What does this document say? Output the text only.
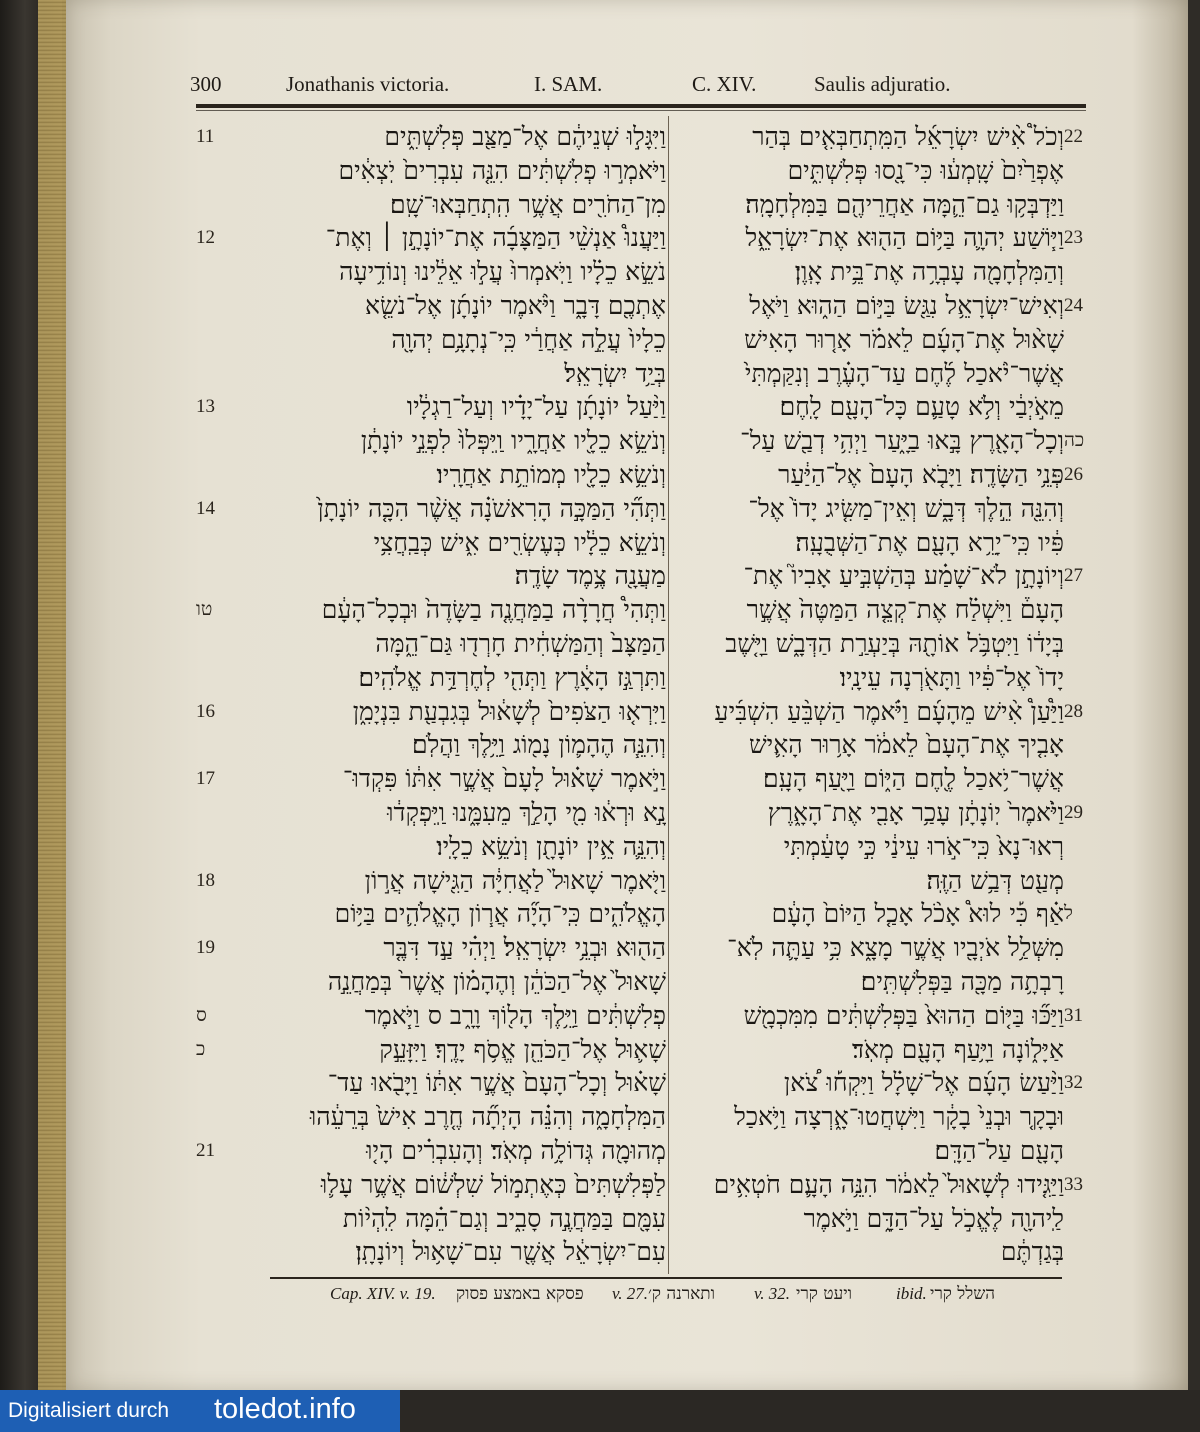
300	Jonathanis victoria.	I. SAM.	C. XIV.	Saulis adjuratio.
וַיִּגָּל֣וּ שְׁנֵיהֶ֔ם אֶל־מַצַּ֖ב פְּלִשְׁתִּ֑ים
וַיֹּאמְר֣וּ פְלִשְׁתִּ֔ים הִנֵּ֤ה עִבְרִים֙ יֹֽצְאִ֔ים
מִן־הַחֹרִ֖ים אֲשֶׁ֥ר הִֽתְחַבְּאוּ־שָֽׁם׃
וַיַּעֲנוּ֩ אַנְשֵׁ֨י הַמַּצָּבָ֜ה אֶת־יוֹנָתָ֣ן ׀ וְאֶת־
נֹשֵׂ֣א כֵלָ֗יו וַיֹּֽאמְרוּ֙ עֲל֣וּ אֵלֵ֔ינוּ וְנוֹדִ֥יעָה
אֶתְכֶ֖ם דָּבָ֑ר וַיֹּ֨אמֶר יוֹנָתָ֜ן אֶל־נֹשֵׂ֤א
כֵלָיו֙ עֲלֵ֣ה אַחֲרַ֔י כִּֽי־נְתָנָ֥ם יְהוָ֖ה
בְּיַ֥ד יִשְׂרָאֵֽל׃
וַיַּ֨עַל יוֹנָתָ֜ן עַל־יָדָ֗יו וְעַל־רַגְלָ֔יו
וְנֹשֵׂ֥א כֵלָ֖יו אַחֲרָ֑יו וַֽיִּפְּלוּ֙ לִפְנֵ֣י יוֹנָתָ֔ן
וְנֹשֵׂ֥א כֵלָ֖יו מְמוֹתֵ֥ת אַחֲרָֽיו׃
וַתְּהִ֞י הַמַּכָּ֣ה הָרִאשֹׁנָ֗ה אֲשֶׁ֨ר הִכָּ֤ה יוֹנָתָן֙
וְנֹשֵׂ֣א כֵלָ֔יו כְּעֶשְׂרִ֖ים אִ֑ישׁ כְּבַֽחֲצִ֥י
מַעֲנָ֖ה צֶ֥מֶד שָׂדֶֽה׃
וַתְּהִי֩ חֲרָדָ֨ה בַמַּחֲנֶ֤ה בַשָּׂדֶה֙ וּבְכָל־הָעָ֔ם
הַמַּצָּב֙ וְהַמַּשְׁחִ֔ית חָרְד֖וּ גַּם־הֵ֑מָּה
וַתִּרְגַּ֣ז הָאָ֔רֶץ וַתְּהִ֖י לְחֶרְדַּ֥ת אֱלֹהִֽים׃
וַיִּרְא֤וּ הַצֹּפִים֙ לְשָׁא֔וּל בְּגִבְעַ֖ת בִּנְיָמִ֑ן
וְהִנֵּ֧ה הֶהָמ֛וֹן נָמ֖וֹג וַיֵּ֥לֶךְ וַהֲלֹֽם׃
וַיֹּ֣אמֶר שָׁא֗וּל לָעָם֙ אֲשֶׁ֣ר אִתּ֔וֹ פִּקְדוּ־
נָ֣א וּרְא֔וּ מִ֖י הָלַ֣ךְ מֵעִמָּ֑נוּ וַֽיִּפְקְד֔וּ
וְהִנֵּ֛ה אֵ֥ין יוֹנָתָ֖ן וְנֹשֵׂ֥א כֵלָֽיו׃
וַיֹּ֤אמֶר שָׁאוּל֙ לַאֲחִיָּ֔ה הַגִּ֖ישָׁה אֲר֣וֹן
הָאֱלֹהִ֑ים כִּֽי־הָיָ֞ה אֲר֧וֹן הָאֱלֹהִ֛ים בַּיּ֥וֹם
הַה֖וּא וּבְנֵ֥י יִשְׂרָאֵֽל׃ וַיְהִ֗י עַ֣ד דִּבֶּ֤ר
שָׁאוּל֙ אֶל־הַכֹּהֵ֔ן וְהֶהָמ֗וֹן אֲשֶׁר֙ בְּמַחֲנֵ֣ה
פְלִשְׁתִּ֔ים וַיֵּ֥לֶךְ הָל֖וֹךְ וָרָ֑ב ס וַיֹּ֧אמֶר
שָׁא֛וּל אֶל־הַכֹּהֵ֖ן אֱסֹ֥ף יָדֶֽךָ׃ וַיִּזָּעֵ֣ק
שָׁא֗וּל וְכָל־הָעָם֙ אֲשֶׁ֣ר אִתּ֔וֹ וַיָּבֹ֖אוּ עַד־
הַמִּלְחָמָ֑ה וְהִנֵּ֗ה הָיְתָ֞ה חֶ֤רֶב אִישׁ֙ בְּרֵעֵ֔הוּ
מְהוּמָ֖ה גְּדוֹלָ֥ה מְאֹֽד׃ וְהָעִבְרִ֗ים הָי֤וּ
לַפְּלִשְׁתִּים֙ כְּאֶתְמ֣וֹל שִׁלְשׁ֔וֹם אֲשֶׁ֥ר עָל֛וּ
עִמָּ֖ם בַּמַּחֲנֶ֣ה סָבִ֑יב וְגַם־הֵ֗מָּה לִֽהְי֨וֹת
עִם־יִשְׂרָאֵ֔ל אֲשֶׁ֖ר עִם־שָׁא֥וּל וְיוֹנָתָֽן׃
11
12
13
14
טו
16
17
18
19
ס
כ
21
וְכֹל֩ אִ֨ישׁ יִשְׂרָאֵ֜ל הַמִּֽתְחַבְּאִ֤ים בְּהַר
אֶפְרַ֙יִם֙ שָֽׁמְע֔וּ כִּי־נָ֖סוּ פְּלִשְׁתִּ֑ים
וַיַּדְבְּק֥וּ גַם־הֵ֛מָּה אַחֲרֵיהֶ֖ם בַּמִּלְחָמָֽה׃
וַיּ֧וֹשַׁע יְהוָ֛ה בַּיּ֥וֹם הַה֖וּא אֶת־יִשְׂרָאֵ֑ל
וְהַמִּלְחָמָ֖ה עָבְרָ֥ה אֶת־בֵּ֥ית אָֽוֶן׃
וְאִישׁ־יִשְׂרָאֵ֥ל נִגַּ֖שׂ בַּיּ֣וֹם הַה֑וּא וַיֹּאֶל
שָׁא֨וּל אֶת־הָעָ֜ם לֵאמֹ֗ר אָר֤וּר הָאִישׁ
אֲשֶׁר־יֹ֨אכַל לֶ֜חֶם עַד־הָעֶ֗רֶב וְנִקַּמְתִּי֙
מֵאֹ֣יְבַ֔י וְלֹ֥א טָעַ֛ם כָּל־הָעָ֖ם לָֽחֶם׃
וְכָל־הָאָ֖רֶץ בָּ֣אוּ בַיָּ֑עַר וַיְהִ֥י דְבַ֖שׁ עַל־
פְּנֵ֥י הַשָּׂדֶֽה׃ וַיָּבֹ֤א הָעָם֙ אֶל־הַיַּ֔עַר
וְהִנֵּ֖ה הֵ֣לֶךְ דְּבָ֑שׁ וְאֵין־מַשִּׂ֤יג יָדוֹ֙ אֶל־
פִּ֔יו כִּֽי־יָרֵ֥א הָעָ֖ם אֶת־הַשְּׁבֻעָֽה׃
וְיוֹנָתָ֣ן לֹא־שָׁמַ֗ע בְּהַשְׁבִּ֣יעַ אָבִיו֮ אֶת־
הָעָם֒ וַיִּשְׁלַ֗ח אֶת־קְצֵ֤ה הַמַּטֶּה֙ אֲשֶׁ֣ר
בְּיָד֔וֹ וַיִּטְבֹּ֥ל אוֹתָ֖הּ בְּיַעְרַ֣ת הַדְּבָ֑שׁ וַיָּ֤שֶׁב
יָדוֹ֙ אֶל־פִּ֔יו וַתָּאֹ֖רְנָה עֵינָֽיו׃
וַיַּ֩עַן֩ אִ֨ישׁ מֵהָעָ֜ם וַיֹּ֗אמֶר הַשְׁבֵּ֨עַ הִשְׁבִּ֜יעַ
אָבִ֤יךָ אֶת־הָעָם֙ לֵאמֹ֔ר אָר֥וּר הָאִ֛ישׁ
אֲשֶׁר־יֹ֥אכַל לֶ֖חֶם הַיּ֑וֹם וַיָּ֖עַף הָעָֽם׃
וַיֹּ֙אמֶר֙ יֽוֹנָתָ֔ן עָכַ֥ר אָבִ֖י אֶת־הָאָ֑רֶץ
רְאוּ־נָא֙ כִּֽי־אֹ֣רוּ עֵינַ֔י כִּ֣י טָעַ֔מְתִּי
מְעַ֖ט דְּבַ֥שׁ הַזֶּֽה׃
אַ֗ף כִּ֡י לוּא֩ אָכֹ֨ל אָכַ֤ל הַיּוֹם֙ הָעָ֔ם
מִשְּׁלַ֥ל אֹיְבָ֖יו אֲשֶׁ֣ר מָצָ֑א כִּ֥י עַתָּ֛ה לֹֽא־
רָבְתָ֥ה מַכָּ֖ה בַּפְּלִשְׁתִּֽים׃
וַיַּכּ֞וּ בַּיּ֤וֹם הַהוּא֙ בַּפְּלִשְׁתִּ֔ים מִמִּכְמָ֖שׁ
אַיָּל֑וֹנָה וַיָּ֥עַף הָעָ֖ם מְאֹֽד׃
וַיַּ֨עַשׂ הָעָ֜ם אֶל־שָׁלָ֗ל וַיִּקְח֡וּ צֹ֠אן
וּבָקָ֤ר וּבְנֵי֙ בָקָ֔ר וַיִּשְׁחֲטוּ־אָ֑רְצָה וַיֹּ֥אכַל
הָעָ֖ם עַל־הַדָּֽם׃
וַיַּגִּ֤ידוּ לְשָׁאוּל֙ לֵאמֹ֔ר הִנֵּ֥ה הָעָ֛ם חֹטְאִ֥ים
לַֽיהוָ֖ה לֶאֱכֹ֣ל עַל־הַדָּ֑ם וַיֹּ֣אמֶר
בְּגַדְתֶּ֔ם
22
23
24
כה
26
27
28
29
ל
31
32
33
Cap. XIV. v. 19. פסקא באמצע פסוק v. 27. ותארנה ק׳ v. 32. ויעט קרי	ibid. השלל קרי
Digitalisiert durch toledot.info
